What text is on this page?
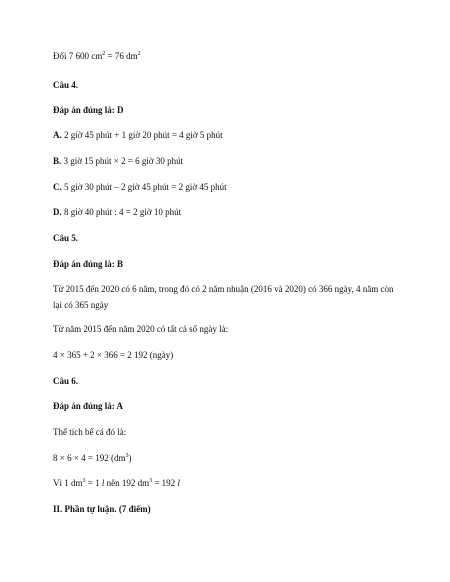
Đổi 7 600 $cm^2 = 76$ $dm^2$
Câu 4.
Đáp án đúng là: D
A. 2 giờ 45 phút + 1 giờ 20 phút = 4 giờ 5 phút
B. 3 giờ 15 phút × 2 = 6 giờ 30 phút
C. 5 giờ 30 phút – 2 giờ 45 phút = 2 giờ 45 phút
D. 8 giờ 40 phút : 4 = 2 giờ 10 phút
Câu 5.
Đáp án đúng là: B
Từ 2015 đến 2020 có 6 năm, trong đó có 2 năm nhuận (2016 và 2020) có 366 ngày, 4 năm còn lại có 365 ngày
Từ năm 2015 đến năm 2020 có tất cả số ngày là:
4 × 365 + 2 × 366 = 2 192 (ngày)
Câu 6.
Đáp án đúng là: A
Thể tích bể cá đó là:
8 × 6 × 4 = 192 $(dm^3)$
Vì 1 $dm^3 = 1$ l nên 192 $dm^3 = 192$ l
II. Phần tự luận. (7 điểm)
